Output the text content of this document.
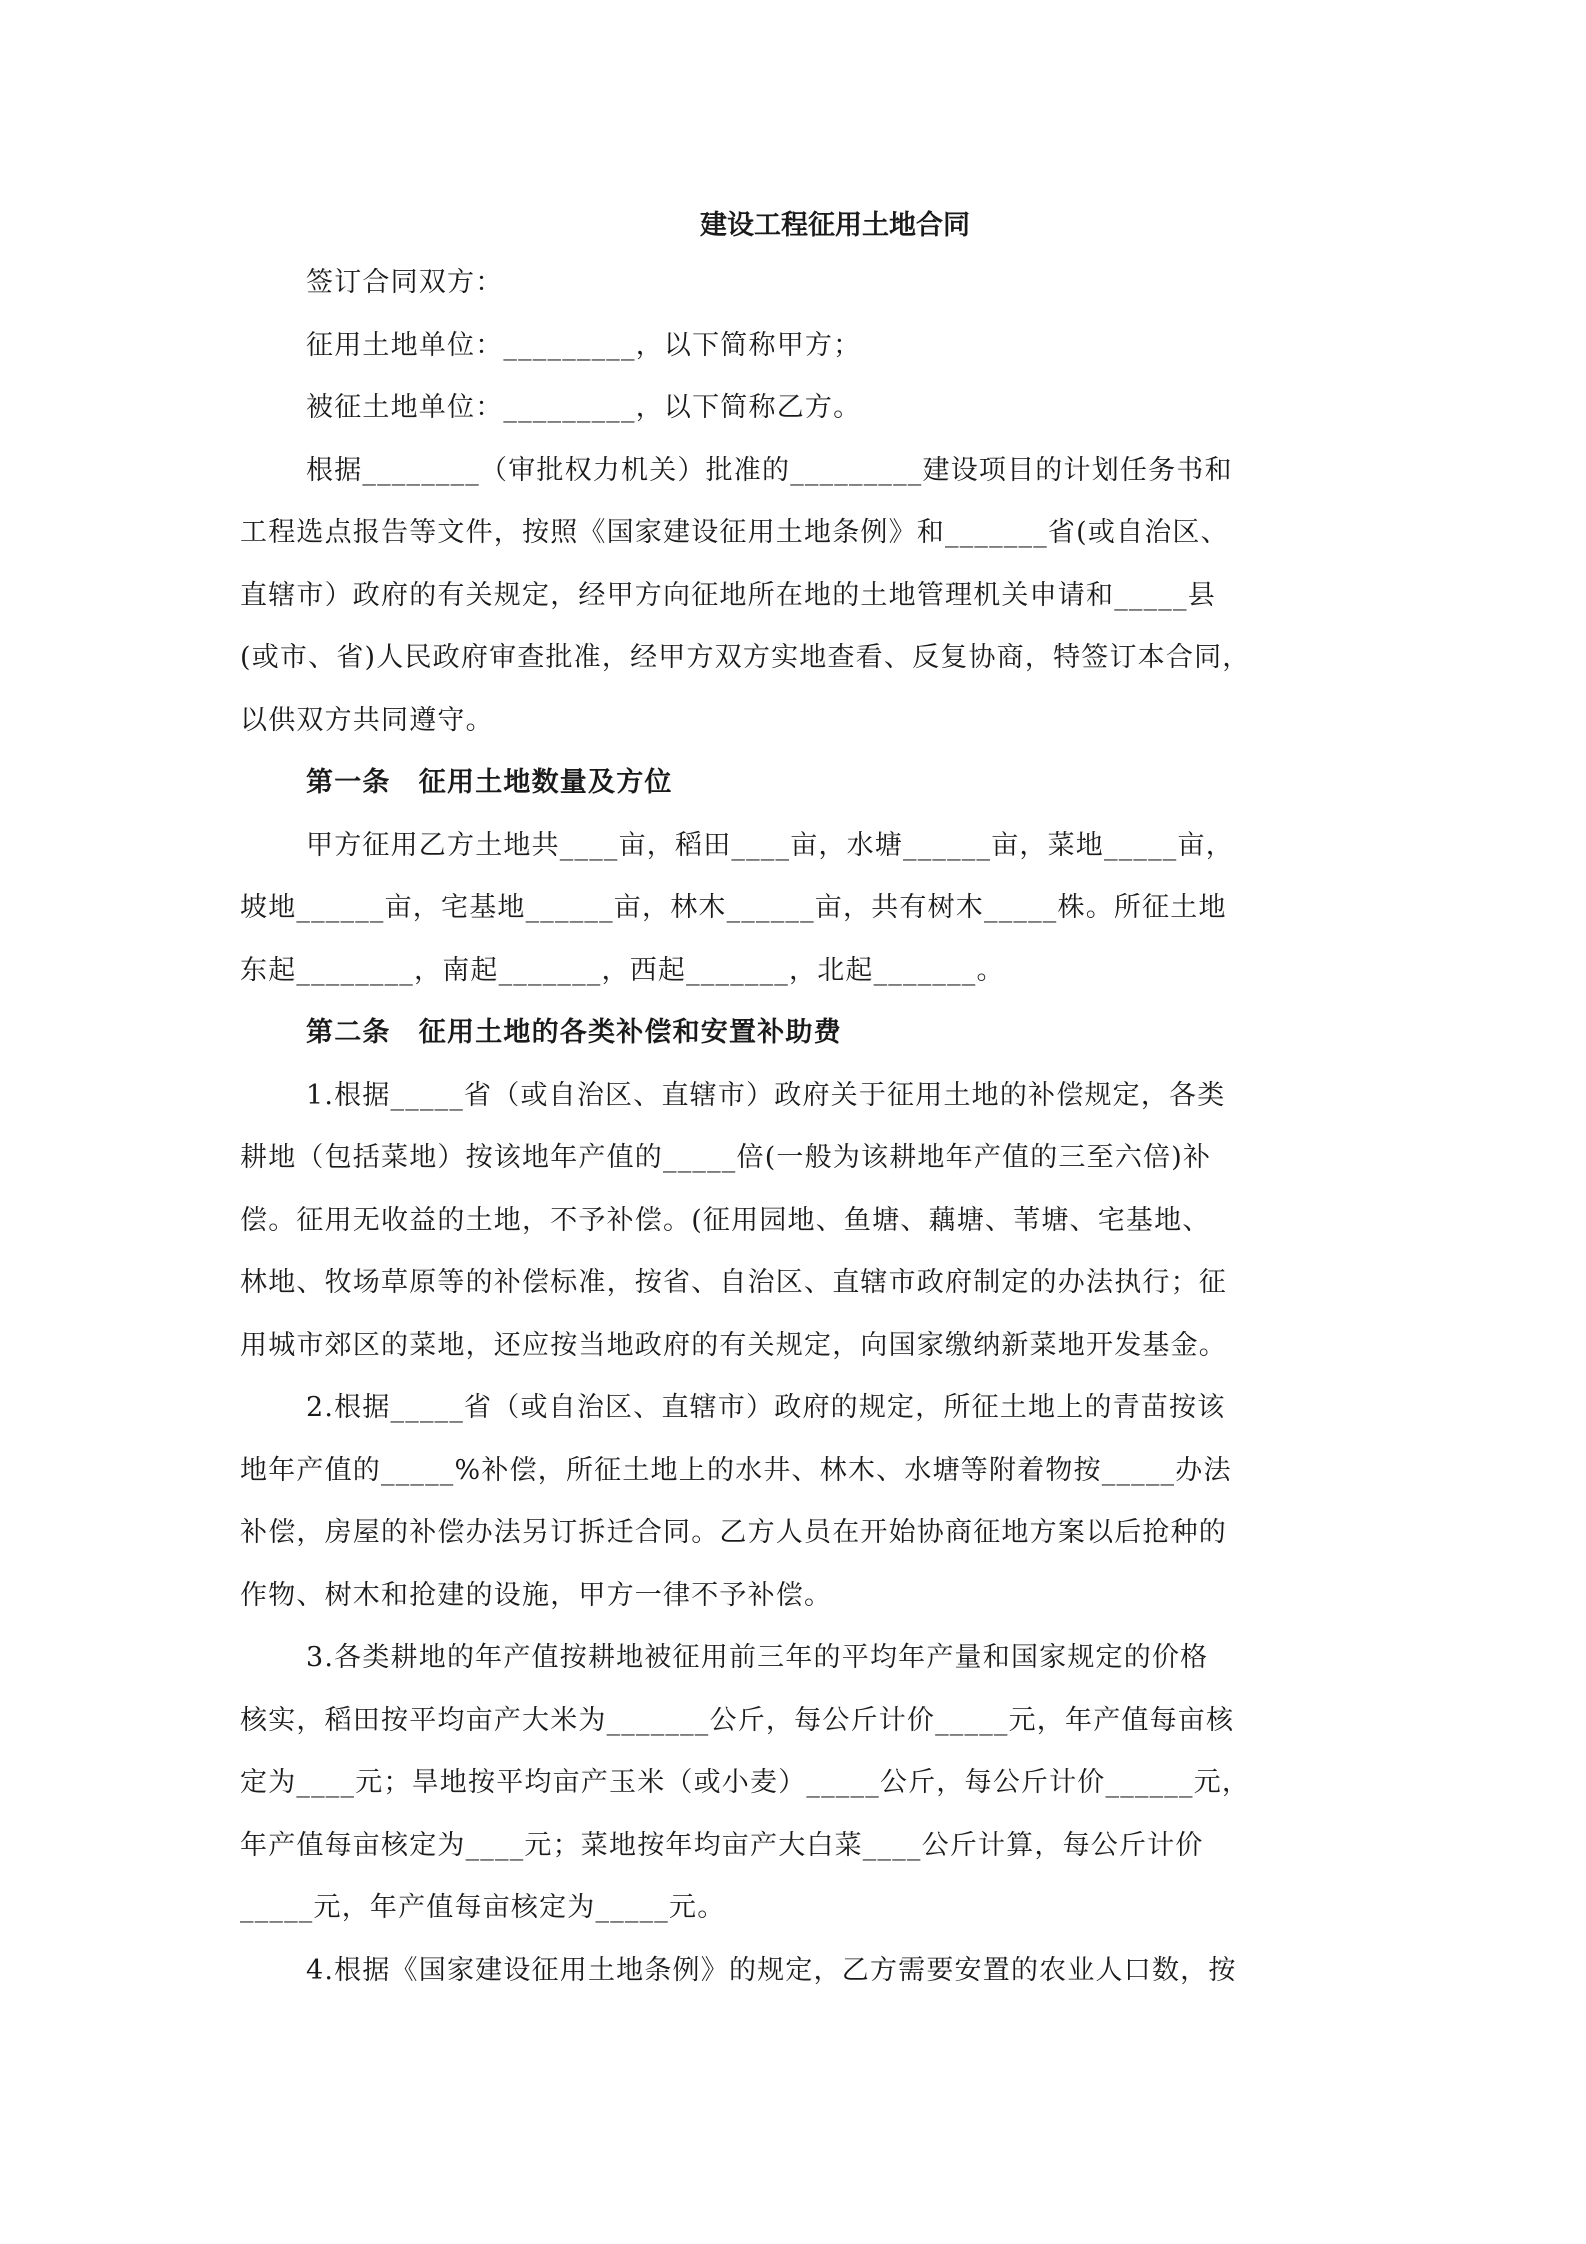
建设工程征用土地合同
签订合同双方：
征用土地单位：_________，以下简称甲方；
被征土地单位：_________，以下简称乙方。
根据________（审批权力机关）批准的_________建设项目的计划任务书和
工程选点报告等文件，按照《国家建设征用土地条例》和_______省(或自治区、
直辖市）政府的有关规定，经甲方向征地所在地的土地管理机关申请和_____县
(或市、省)人民政府审查批准，经甲方双方实地查看、反复协商，特签订本合同，
以供双方共同遵守。
第一条　征用土地数量及方位
甲方征用乙方土地共____亩，稻田____亩，水塘______亩，菜地_____亩，
坡地______亩，宅基地______亩，林木______亩，共有树木_____株。所征土地
东起________，南起_______，西起_______，北起_______。
第二条　征用土地的各类补偿和安置补助费
1.根据_____省（或自治区、直辖市）政府关于征用土地的补偿规定，各类
耕地（包括菜地）按该地年产值的_____倍(一般为该耕地年产值的三至六倍)补
偿。征用无收益的土地，不予补偿。(征用园地、鱼塘、藕塘、苇塘、宅基地、
林地、牧场草原等的补偿标准，按省、自治区、直辖市政府制定的办法执行；征
用城市郊区的菜地，还应按当地政府的有关规定，向国家缴纳新菜地开发基金。
2.根据_____省（或自治区、直辖市）政府的规定，所征土地上的青苗按该
地年产值的_____%补偿，所征土地上的水井、林木、水塘等附着物按_____办法
补偿，房屋的补偿办法另订拆迁合同。乙方人员在开始协商征地方案以后抢种的
作物、树木和抢建的设施，甲方一律不予补偿。
3.各类耕地的年产值按耕地被征用前三年的平均年产量和国家规定的价格
核实，稻田按平均亩产大米为_______公斤，每公斤计价_____元，年产值每亩核
定为____元；旱地按平均亩产玉米（或小麦）_____公斤，每公斤计价______元，
年产值每亩核定为____元；菜地按年均亩产大白菜____公斤计算，每公斤计价
_____元，年产值每亩核定为_____元。
4.根据《国家建设征用土地条例》的规定，乙方需要安置的农业人口数，按
